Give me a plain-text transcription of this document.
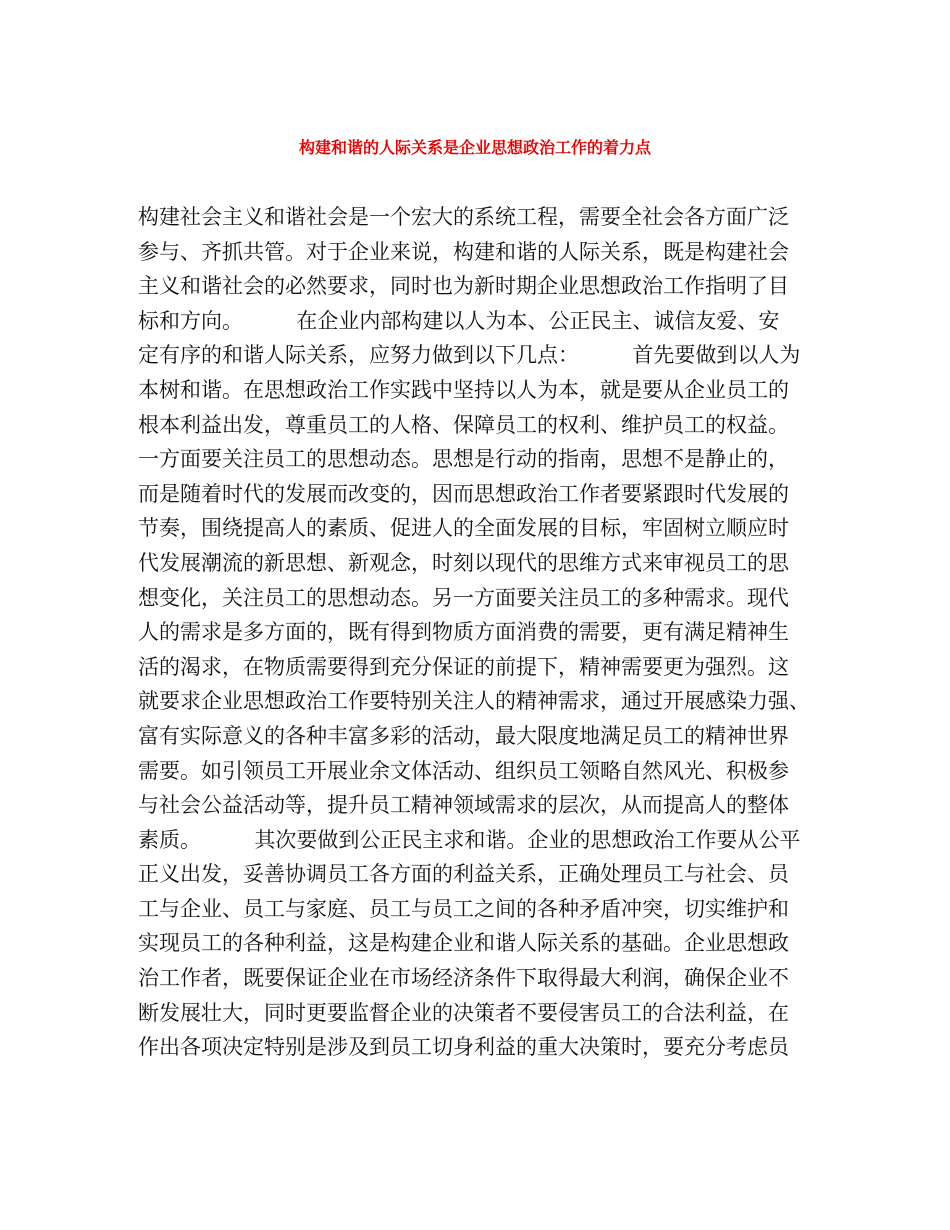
构建和谐的人际关系是企业思想政治工作的着力点
构建社会主义和谐社会是一个宏大的系统工程，需要全社会各方面广泛
参与、齐抓共管。对于企业来说，构建和谐的人际关系，既是构建社会
主义和谐社会的必然要求，同时也为新时期企业思想政治工作指明了目
标和方向。        在企业内部构建以人为本、公正民主、诚信友爱、安
定有序的和谐人际关系，应努力做到以下几点：        首先要做到以人为
本树和谐。在思想政治工作实践中坚持以人为本，就是要从企业员工的
根本利益出发，尊重员工的人格、保障员工的权利、维护员工的权益。
一方面要关注员工的思想动态。思想是行动的指南，思想不是静止的，
而是随着时代的发展而改变的，因而思想政治工作者要紧跟时代发展的
节奏，围绕提高人的素质、促进人的全面发展的目标，牢固树立顺应时
代发展潮流的新思想、新观念，时刻以现代的思维方式来审视员工的思
想变化，关注员工的思想动态。另一方面要关注员工的多种需求。现代
人的需求是多方面的，既有得到物质方面消费的需要，更有满足精神生
活的渴求，在物质需要得到充分保证的前提下，精神需要更为强烈。这
就要求企业思想政治工作要特别关注人的精神需求，通过开展感染力强、
富有实际意义的各种丰富多彩的活动，最大限度地满足员工的精神世界
需要。如引领员工开展业余文体活动、组织员工领略自然风光、积极参
与社会公益活动等，提升员工精神领域需求的层次，从而提高人的整体
素质。        其次要做到公正民主求和谐。企业的思想政治工作要从公平
正义出发，妥善协调员工各方面的利益关系，正确处理员工与社会、员
工与企业、员工与家庭、员工与员工之间的各种矛盾冲突，切实维护和
实现员工的各种利益，这是构建企业和谐人际关系的基础。企业思想政
治工作者，既要保证企业在市场经济条件下取得最大利润，确保企业不
断发展壮大，同时更要监督企业的决策者不要侵害员工的合法利益，在
作出各项决定特别是涉及到员工切身利益的重大决策时，要充分考虑员
